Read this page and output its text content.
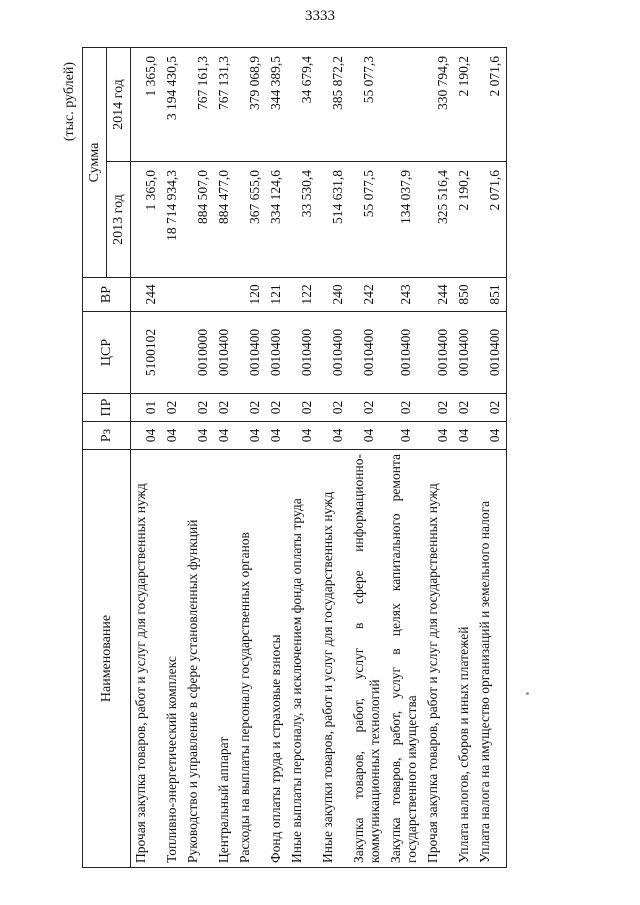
3333
(тыс. рублей)
Наименование	Рз	ПР	ЦСР	ВР	Сумма	
					2013 год	2014 год
Прочая закупка товаров, работ и услуг для государственных нужд	04	01	5100102	244	1 365,0	1 365,0
Топливно-энергетический комплекс	04	02			18 714 934,3	3 194 430,5
Руководство и управление в сфере установленных функций	04	02	0010000		884 507,0	767 161,3
Центральный аппарат	04	02	0010400		884 477,0	767 131,3
Расходы на выплаты персоналу государственных органов	04	02	0010400	120	367 655,0	379 068,9
Фонд оплаты труда и страховые взносы	04	02	0010400	121	334 124,6	344 389,5
Иные выплаты персоналу, за исключением фонда оплаты труда	04	02	0010400	122	33 530,4	34 679,4
Иные закупки товаров, работ и услуг для государственных нужд	04	02	0010400	240	514 631,8	385 872,2
Закупка товаров, работ, услуг в сфере информационно-коммуникационных технологий	04	02	0010400	242	55 077,5	55 077,3
Закупка товаров, работ, услуг в целях капитального ремонта государственного имущества	04	02	0010400	243	134 037,9	
Прочая закупка товаров, работ и услуг для государственных нужд	04	02	0010400	244	325 516,4	330 794,9
Уплата налогов, сборов и иных платежей	04	02	0010400	850	2 190,2	2 190,2
Уплата налога на имущество организаций и земельного налога	04	02	0010400	851	2 071,6	2 071,6
